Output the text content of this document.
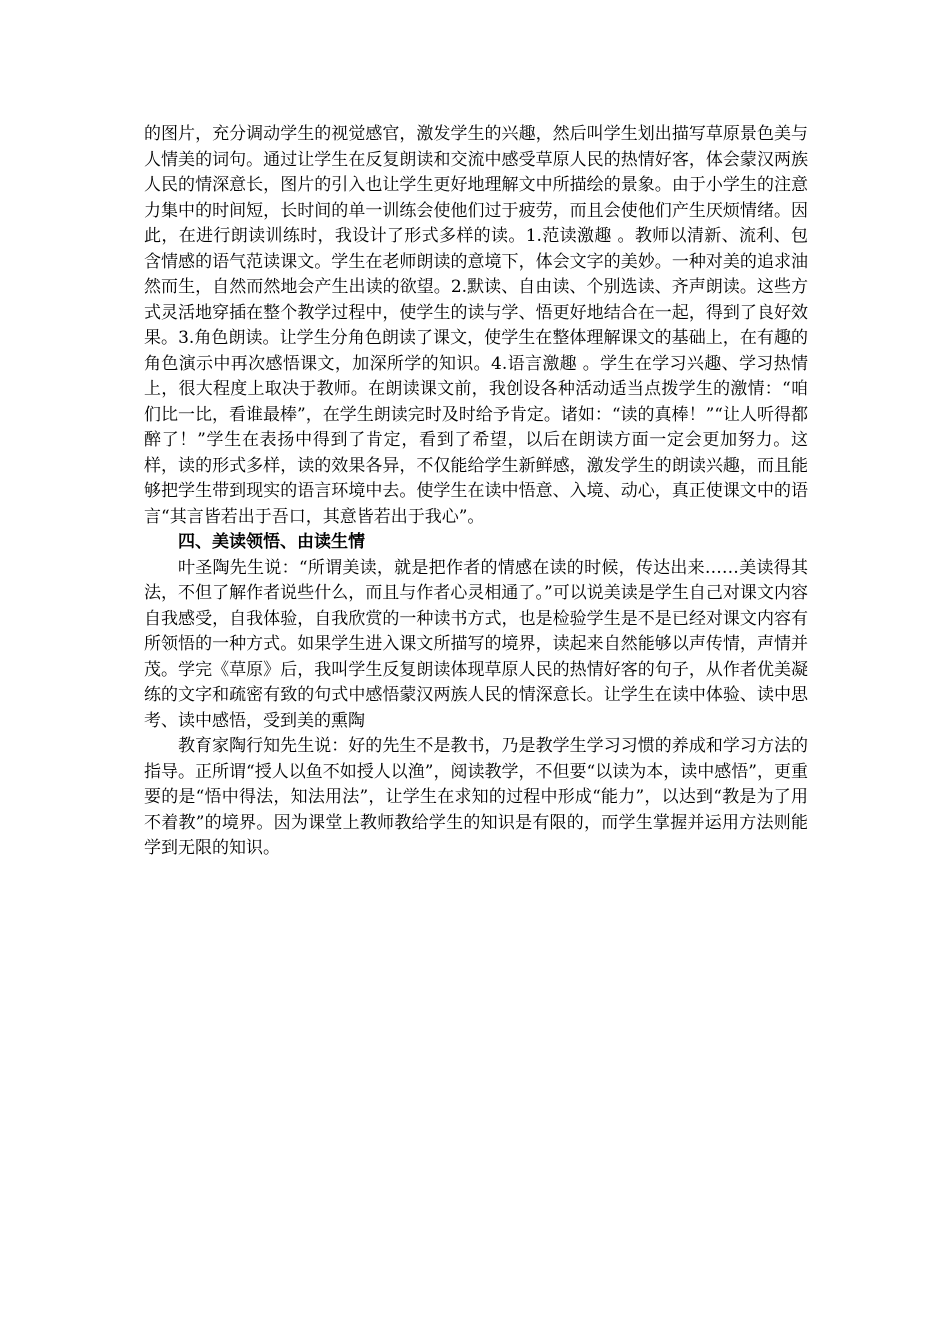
的图片，充分调动学生的视觉感官，激发学生的兴趣，然后叫学生划出描写草原景色美与人情美的词句。通过让学生在反复朗读和交流中感受草原人民的热情好客，体会蒙汉两族人民的情深意长，图片的引入也让学生更好地理解文中所描绘的景象。由于小学生的注意力集中的时间短，长时间的单一训练会使他们过于疲劳，而且会使他们产生厌烦情绪。因此，在进行朗读训练时，我设计了形式多样的读。1.范读激趣 。教师以清新、流利、包含情感的语气范读课文。学生在老师朗读的意境下，体会文字的美妙。一种对美的追求油然而生，自然而然地会产生出读的欲望。2.默读、自由读、个别选读、齐声朗读。这些方式灵活地穿插在整个教学过程中，使学生的读与学、悟更好地结合在一起，得到了良好效果。3.角色朗读。让学生分角色朗读了课文，使学生在整体理解课文的基础上，在有趣的角色演示中再次感悟课文，加深所学的知识。4.语言激趣 。学生在学习兴趣、学习热情上，很大程度上取决于教师。在朗读课文前，我创设各种活动适当点拨学生的激情：“咱们比一比，看谁最棒”，在学生朗读完时及时给予肯定。诸如：“读的真棒！”“让人听得都醉了！”学生在表扬中得到了肯定，看到了希望，以后在朗读方面一定会更加努力。这样，读的形式多样，读的效果各异，不仅能给学生新鲜感，激发学生的朗读兴趣，而且能够把学生带到现实的语言环境中去。使学生在读中悟意、入境、动心，真正使课文中的语言“其言皆若出于吾口，其意皆若出于我心”。

四、美读领悟、由读生情

叶圣陶先生说：“所谓美读，就是把作者的情感在读的时候，传达出来……美读得其法，不但了解作者说些什么，而且与作者心灵相通了。”可以说美读是学生自己对课文内容自我感受，自我体验，自我欣赏的一种读书方式，也是检验学生是不是已经对课文内容有所领悟的一种方式。如果学生进入课文所描写的境界，读起来自然能够以声传情，声情并茂。学完《草原》后，我叫学生反复朗读体现草原人民的热情好客的句子，从作者优美凝练的文字和疏密有致的句式中感悟蒙汉两族人民的情深意长。让学生在读中体验、读中思考、读中感悟，受到美的熏陶

教育家陶行知先生说：好的先生不是教书，乃是教学生学习习惯的养成和学习方法的指导。正所谓“授人以鱼不如授人以渔”，阅读教学，不但要“以读为本，读中感悟”，更重要的是“悟中得法，知法用法”，让学生在求知的过程中形成“能力”，以达到“教是为了用不着教”的境界。因为课堂上教师教给学生的知识是有限的，而学生掌握并运用方法则能学到无限的知识。
